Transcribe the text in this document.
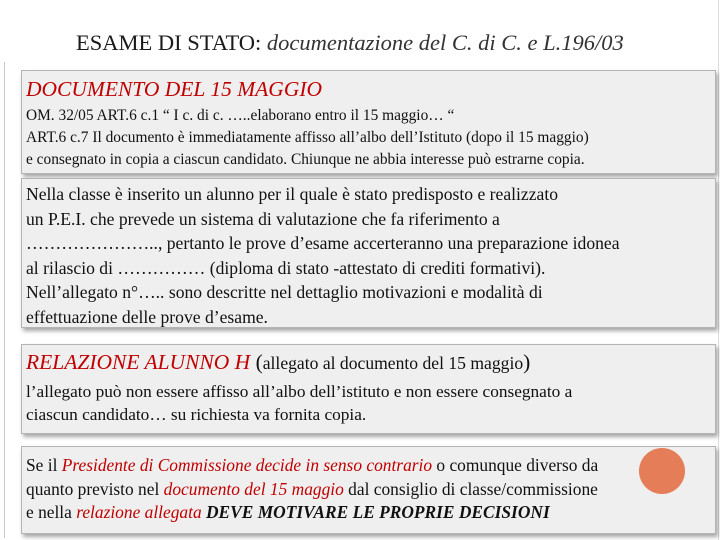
ESAME DI STATO: documentazione del C. di C. e L.196/03
DOCUMENTO DEL 15 MAGGIO
OM. 32/05 ART.6 c.1 “ I c. di c. …..elaborano entro il 15 maggio… “
ART.6 c.7 Il documento è immediatamente affisso all’albo dell’Istituto (dopo il 15 maggio)
e consegnato in copia a ciascun candidato. Chiunque ne abbia interesse può estrarne copia.
Nella classe è inserito un alunno per il quale è stato predisposto e realizzato
un P.E.I. che prevede un sistema di valutazione che fa riferimento a
………………….., pertanto le prove d’esame accerteranno una preparazione idonea
al rilascio di …………… (diploma di stato -attestato di crediti formativi).
Nell’allegato n°….. sono descritte nel dettaglio motivazioni e modalità di
effettuazione delle prove d’esame.
RELAZIONE ALUNNO H (allegato al documento del 15 maggio)
l’allegato può non essere affisso all’albo dell’istituto e non essere consegnato a
ciascun candidato… su richiesta va fornita copia.
Se il Presidente di Commissione decide in senso contrario o comunque diverso da
quanto previsto nel documento del 15 maggio dal consiglio di classe/commissione
e nella relazione allegata DEVE MOTIVARE LE PROPRIE DECISIONI
